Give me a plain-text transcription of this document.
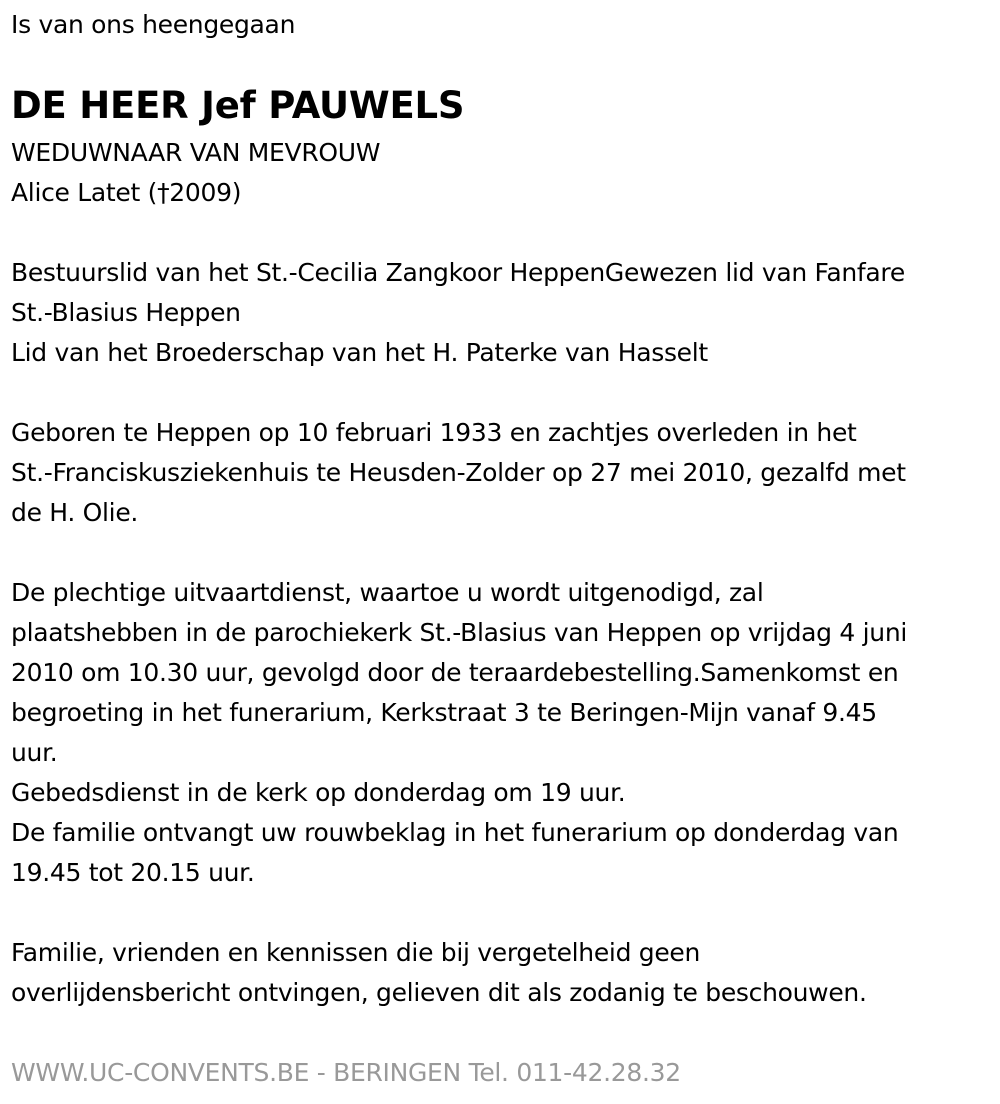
Is van ons heengegaan
DE HEER Jef PAUWELS
WEDUWNAAR VAN MEVROUW
Alice Latet (†2009)
Bestuurslid van het St.-Cecilia Zangkoor HeppenGewezen lid van Fanfare
St.-Blasius Heppen
Lid van het Broederschap van het H. Paterke van Hasselt
Geboren te Heppen op 10 februari 1933 en zachtjes overleden in het
St.-Franciskusziekenhuis te Heusden-Zolder op 27 mei 2010, gezalfd met
de H. Olie.
De plechtige uitvaartdienst, waartoe u wordt uitgenodigd, zal
plaatshebben in de parochiekerk St.-Blasius van Heppen op vrijdag 4 juni
2010 om 10.30 uur, gevolgd door de teraardebestelling.Samenkomst en
begroeting in het funerarium, Kerkstraat 3 te Beringen-Mijn vanaf 9.45
uur.
Gebedsdienst in de kerk op donderdag om 19 uur.
De familie ontvangt uw rouwbeklag in het funerarium op donderdag van
19.45 tot 20.15 uur.
Familie, vrienden en kennissen die bij vergetelheid geen
overlijdensbericht ontvingen, gelieven dit als zodanig te beschouwen.
WWW.UC-CONVENTS.BE - BERINGEN Tel. 011-42.28.32
